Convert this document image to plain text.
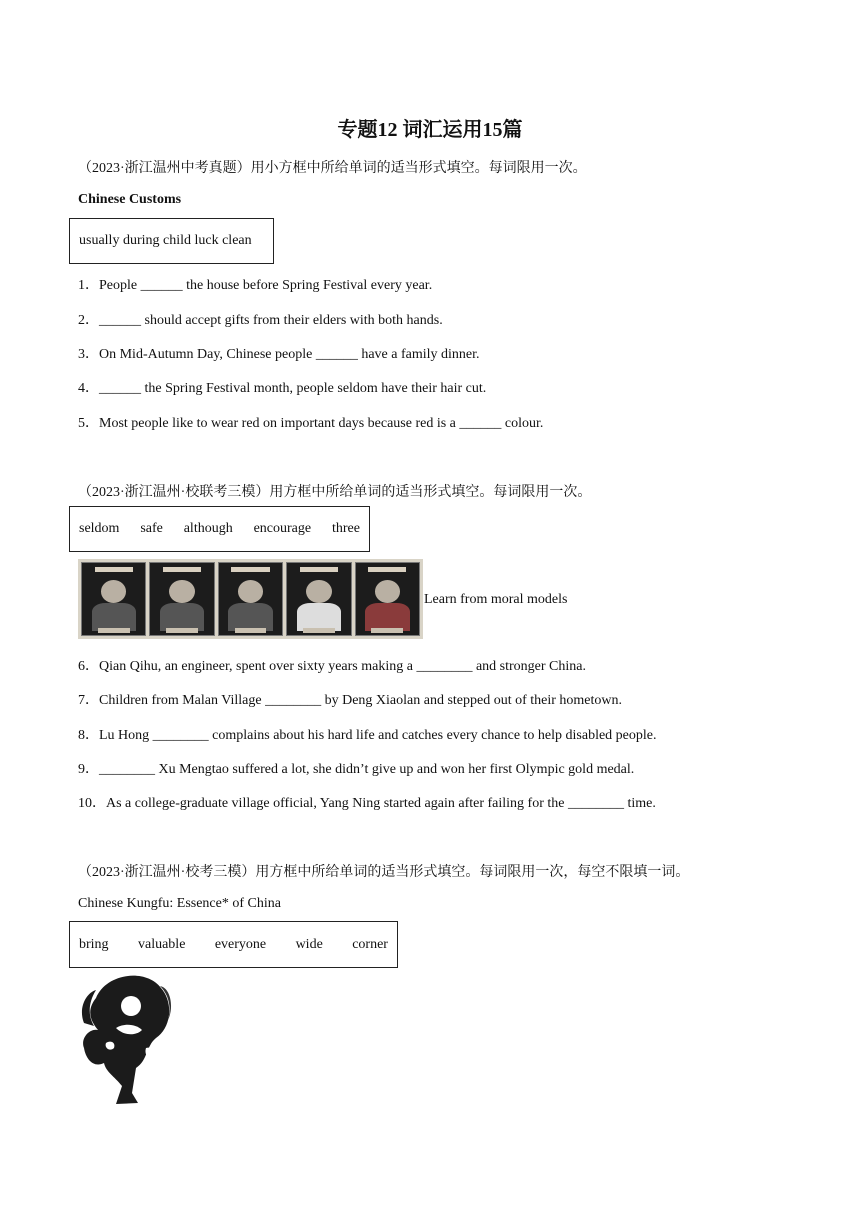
专题12 词汇运用15篇
（2023·浙江温州中考真题）用小方框中所给单词的适当形式填空。每词限用一次。
Chinese Customs
usually during child luck clean
1．People ______ the house before Spring Festival every year.
2．______ should accept gifts from their elders with both hands.
3．On Mid-Autumn Day, Chinese people ______ have a family dinner.
4．______ the Spring Festival month, people seldom have their hair cut.
5．Most people like to wear red on important days because red is a ______ colour.
（2023·浙江温州·校联考三模）用方框中所给单词的适当形式填空。每词限用一次。
seldom safe although encourage three
Learn from moral models
6．Qian Qihu, an engineer, spent over sixty years making a ________ and stronger China.
7．Children from Malan Village ________ by Deng Xiaolan and stepped out of their hometown.
8．Lu Hong ________ complains about his hard life and catches every chance to help disabled people.
9．________ Xu Mengtao suffered a lot, she didn’t give up and won her first Olympic gold medal.
10．As a college-graduate village official, Yang Ning started again after failing for the ________ time.
（2023·浙江温州·校考三模）用方框中所给单词的适当形式填空。每词限用一次，每空不限填一词。
Chinese Kungfu: Essence* of China
bring valuable everyone wide corner
